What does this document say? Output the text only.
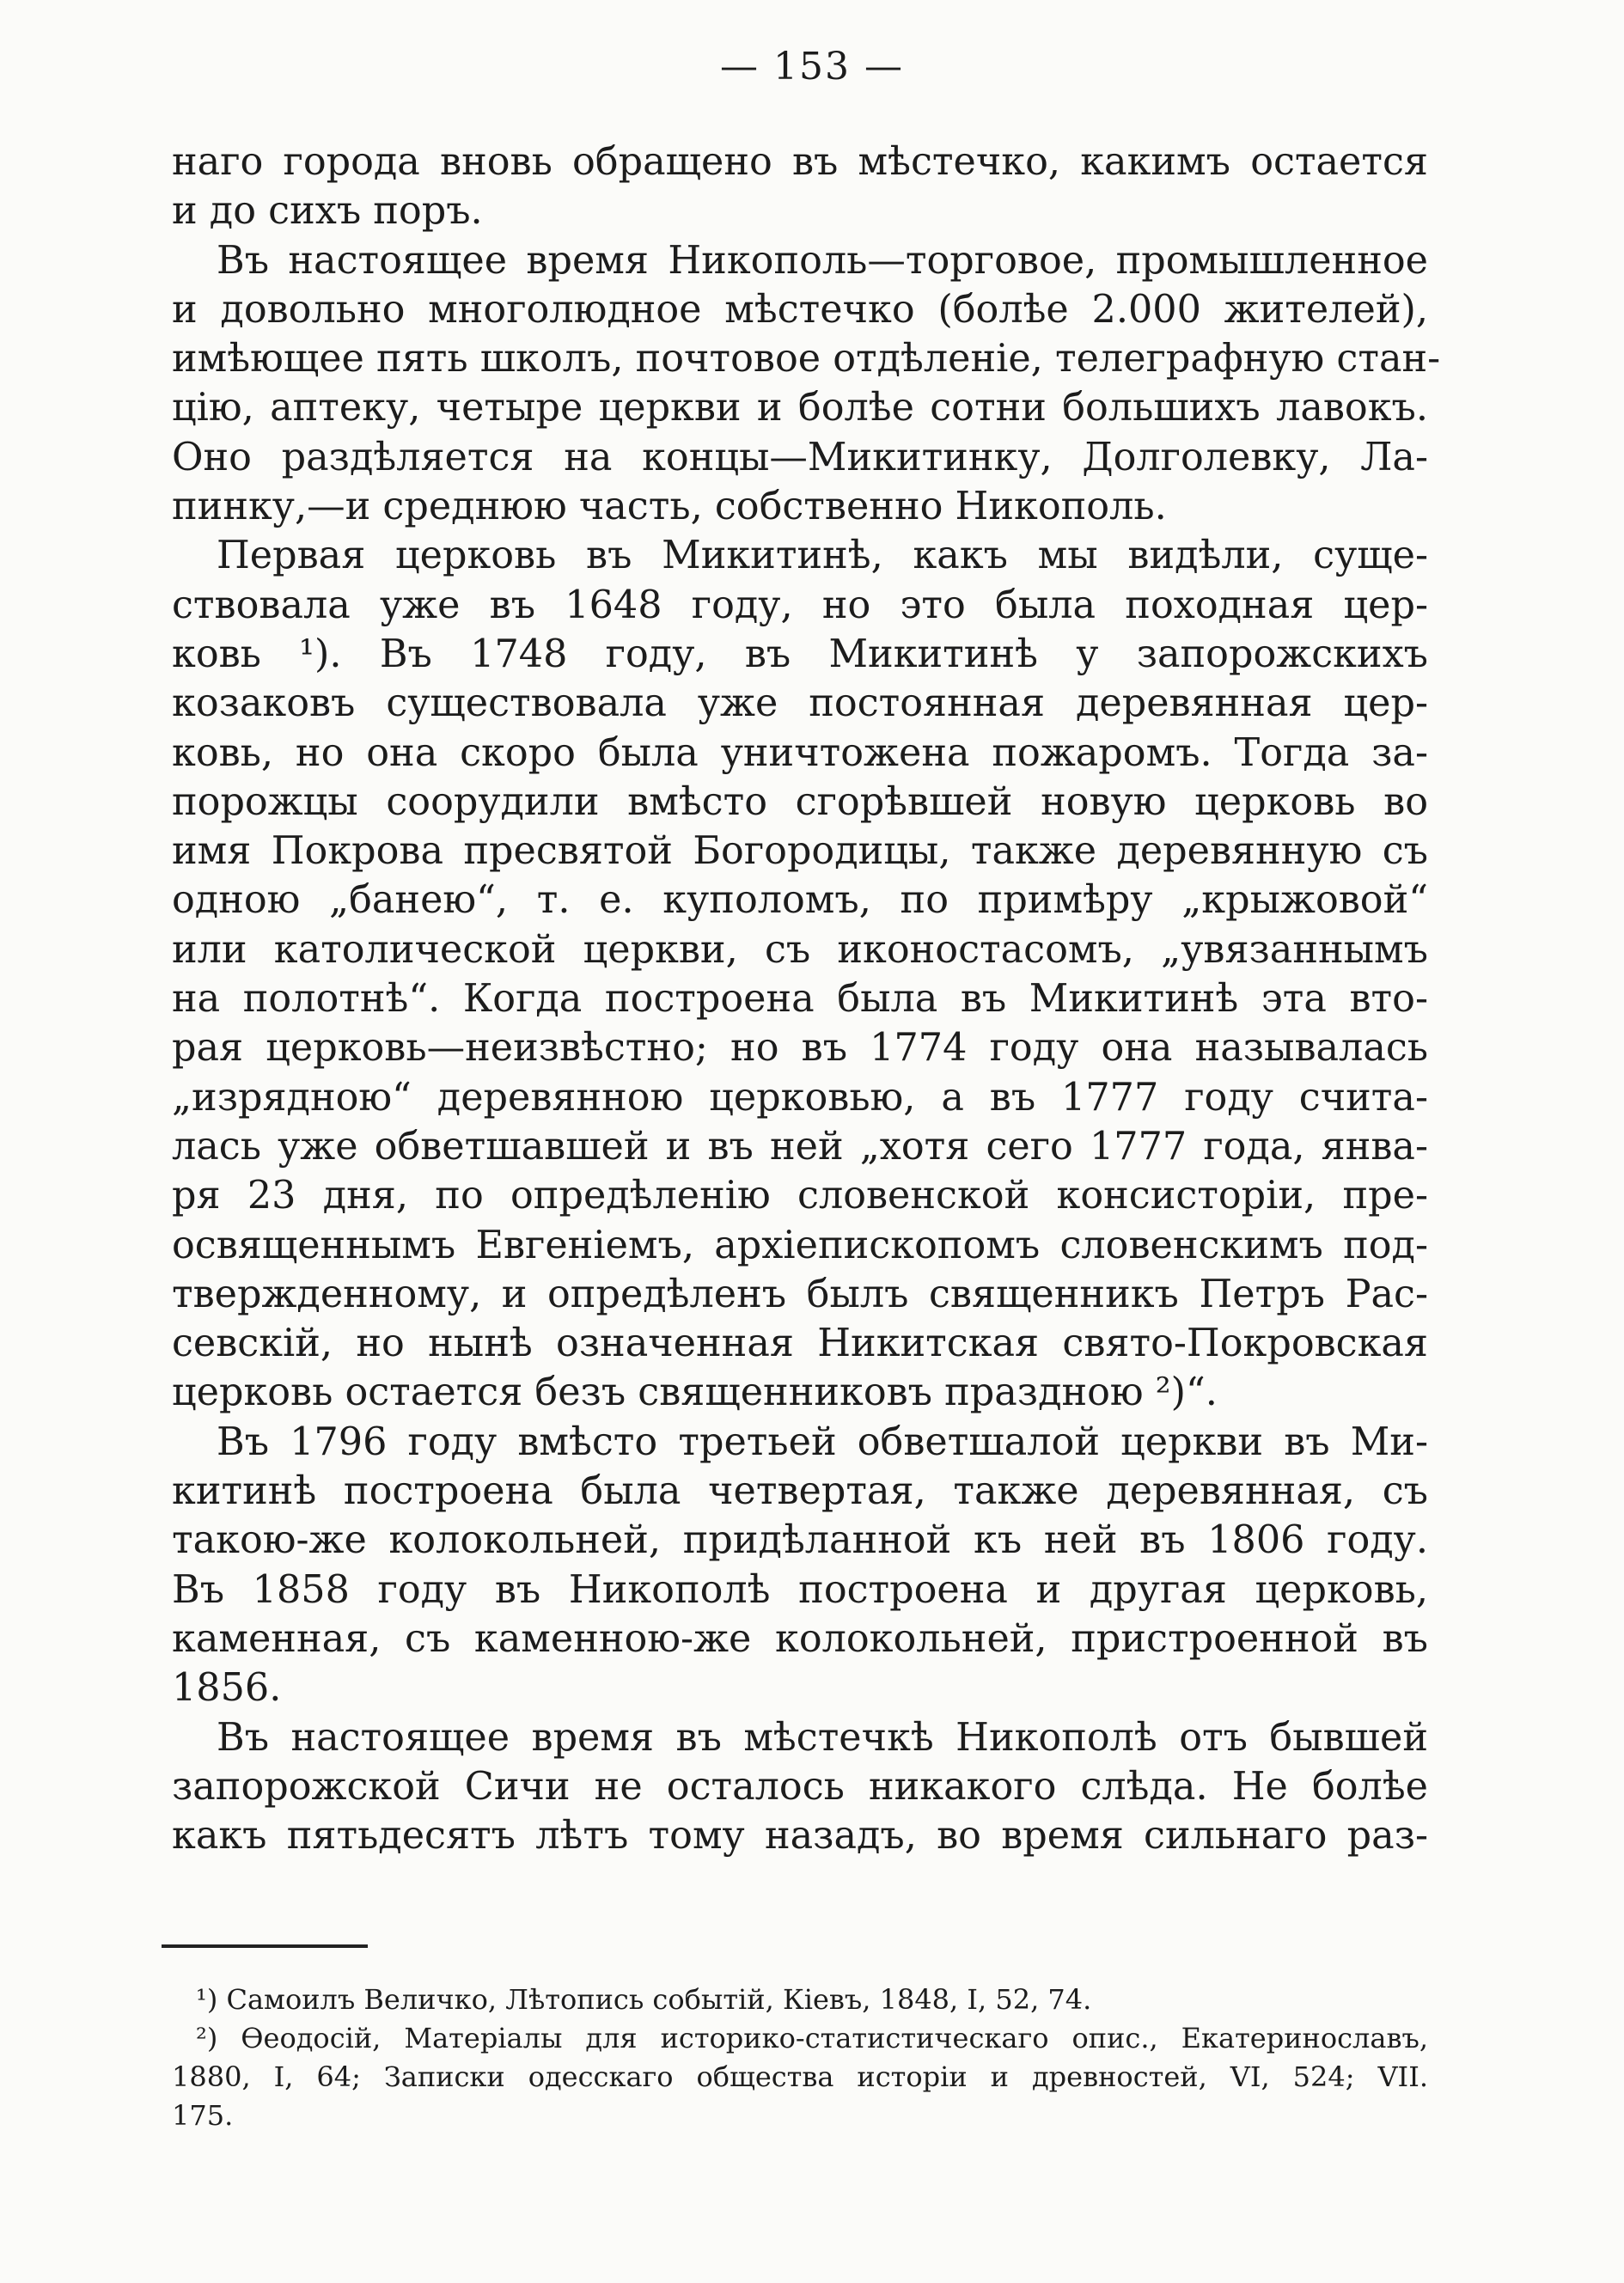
— 153 —
наго города вновь обращено въ мѣстечко, какимъ остается
и до сихъ поръ.
Въ настоящее время Никополь—торговое, промышленное
и довольно многолюдное мѣстечко (болѣе 2.000 жителей),
имѣющее пять школъ, почтовое отдѣленіе, телеграфную стан-
цію, аптеку, четыре церкви и болѣе сотни большихъ лавокъ.
Оно раздѣляется на концы—Микитинку, Долголевку, Ла-
пинку,—и среднюю часть, собственно Никополь.
Первая церковь въ Микитинѣ, какъ мы видѣли, суще-
ствовала уже въ 1648 году, но это была походная цер-
ковь ¹). Въ 1748 году, въ Микитинѣ у запорожскихъ
козаковъ существовала уже постоянная деревянная цер-
ковь, но она скоро была уничтожена пожаромъ. Тогда за-
порожцы соорудили вмѣсто сгорѣвшей новую церковь во
имя Покрова пресвятой Богородицы, также деревянную съ
одною „банею“, т. е. куполомъ, по примѣру „крыжовой“
или католической церкви, съ иконостасомъ, „увязаннымъ
на полотнѣ“. Когда построена была въ Микитинѣ эта вто-
рая церковь—неизвѣстно; но въ 1774 году она называлась
„изрядною“ деревянною церковью, а въ 1777 году счита-
лась уже обветшавшей и въ ней „хотя сего 1777 года, янва-
ря 23 дня, по опредѣленію словенской консисторіи, пре-
освященнымъ Евгеніемъ, архіепископомъ словенскимъ под-
твержденному, и опредѣленъ былъ священникъ Петръ Рас-
севскій, но нынѣ означенная Никитская свято-Покровская
церковь остается безъ священниковъ праздною ²)“.
Въ 1796 году вмѣсто третьей обветшалой церкви въ Ми-
китинѣ построена была четвертая, также деревянная, съ
такою-же колокольней, придѣланной къ ней въ 1806 году.
Въ 1858 году въ Никополѣ построена и другая церковь,
каменная, съ каменною-же колокольней, пристроенной въ
1856.
Въ настоящее время въ мѣстечкѣ Никополѣ отъ бывшей
запорожской Сичи не осталось никакого слѣда. Не болѣе
какъ пятьдесятъ лѣтъ тому назадъ, во время сильнаго раз-
¹) Самоилъ Величко, Лѣтопись событій, Кіевъ, 1848, I, 52, 74.
²) Ѳеодосій, Матеріалы для историко-статистическаго опис., Екатеринославъ,
1880, I, 64; Записки одесскаго общества исторіи и древностей, VI, 524; VII.
175.
